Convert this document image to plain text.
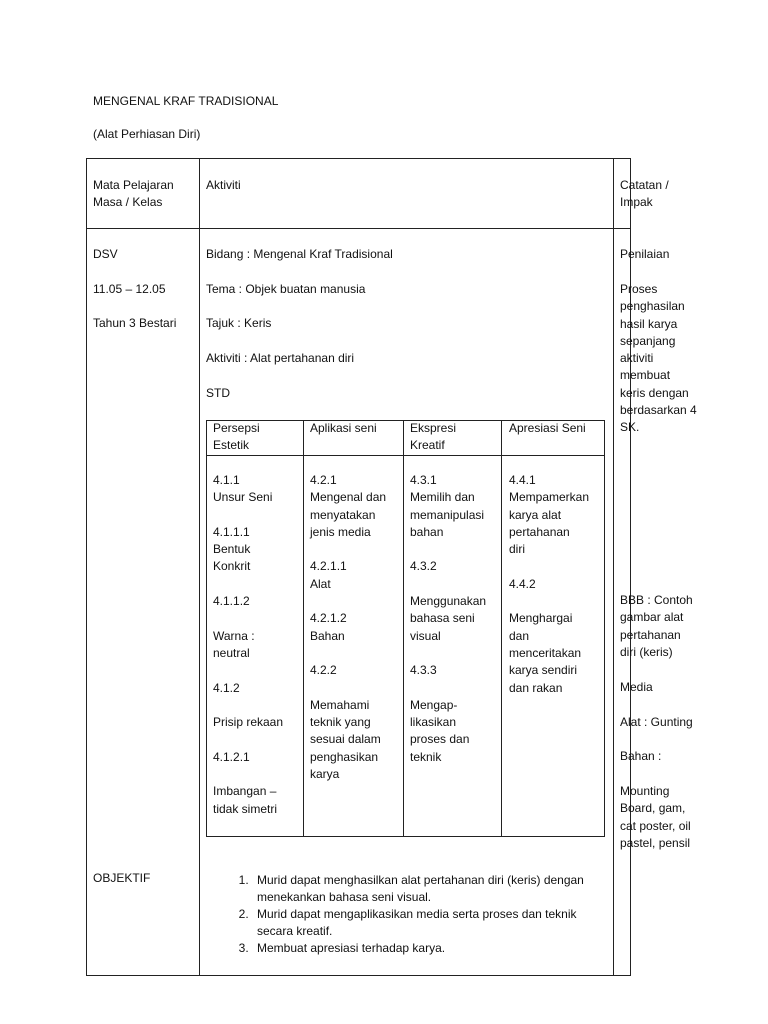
MENGENAL KRAF TRADISIONAL
(Alat Perhiasan Diri)
Mata Pelajaran
Masa / Kelas
Aktiviti	Catatan /
Impak
DSV
11.05 – 12.05
Tahun 3 Bestari
OBJEKTIF
Bidang : Mengenal Kraf Tradisional
Tema : Objek buatan manusia
Tajuk : Keris
Aktiviti : Alat pertahanan diri
STD
Persepsi
Estetik
Aplikasi seni	Ekspresi
Kreatif
Apresiasi Seni
4.1.1
Unsur Seni

4.1.1.1
Bentuk
Konkrit

4.1.1.2

Warna :
neutral

4.1.2

Prisip rekaan

4.1.2.1

Imbangan –
tidak simetri
4.2.1
Mengenal dan
menyatakan
jenis media

4.2.1.1
Alat

4.2.1.2
Bahan

4.2.2

Memahami
teknik yang
sesuai dalam
penghasikan
karya
4.3.1
Memilih dan
memanipulasi
bahan

4.3.2

Menggunakan
bahasa seni
visual

4.3.3

Mengap-
likasikan
proses dan
teknik
4.4.1
Mempamerkan
karya alat
pertahanan
diri

4.4.2

Menghargai
dan
menceritakan
karya sendiri
dan rakan
1. Murid dapat menghasilkan alat pertahanan diri (keris) dengan menekankan bahasa seni visual.
2. Murid dapat mengaplikasikan media serta proses dan teknik secara kreatif.
3. Membuat apresiasi terhadap karya.
Penilaian
Proses
penghasilan
hasil karya
sepanjang
aktiviti
membuat
keris dengan
berdasarkan 4
SK.
BBB : Contoh
gambar alat
pertahanan
diri (keris)
Media
Alat : Gunting
Bahan :
Mounting
Board, gam,
cat poster, oil
pastel, pensil
